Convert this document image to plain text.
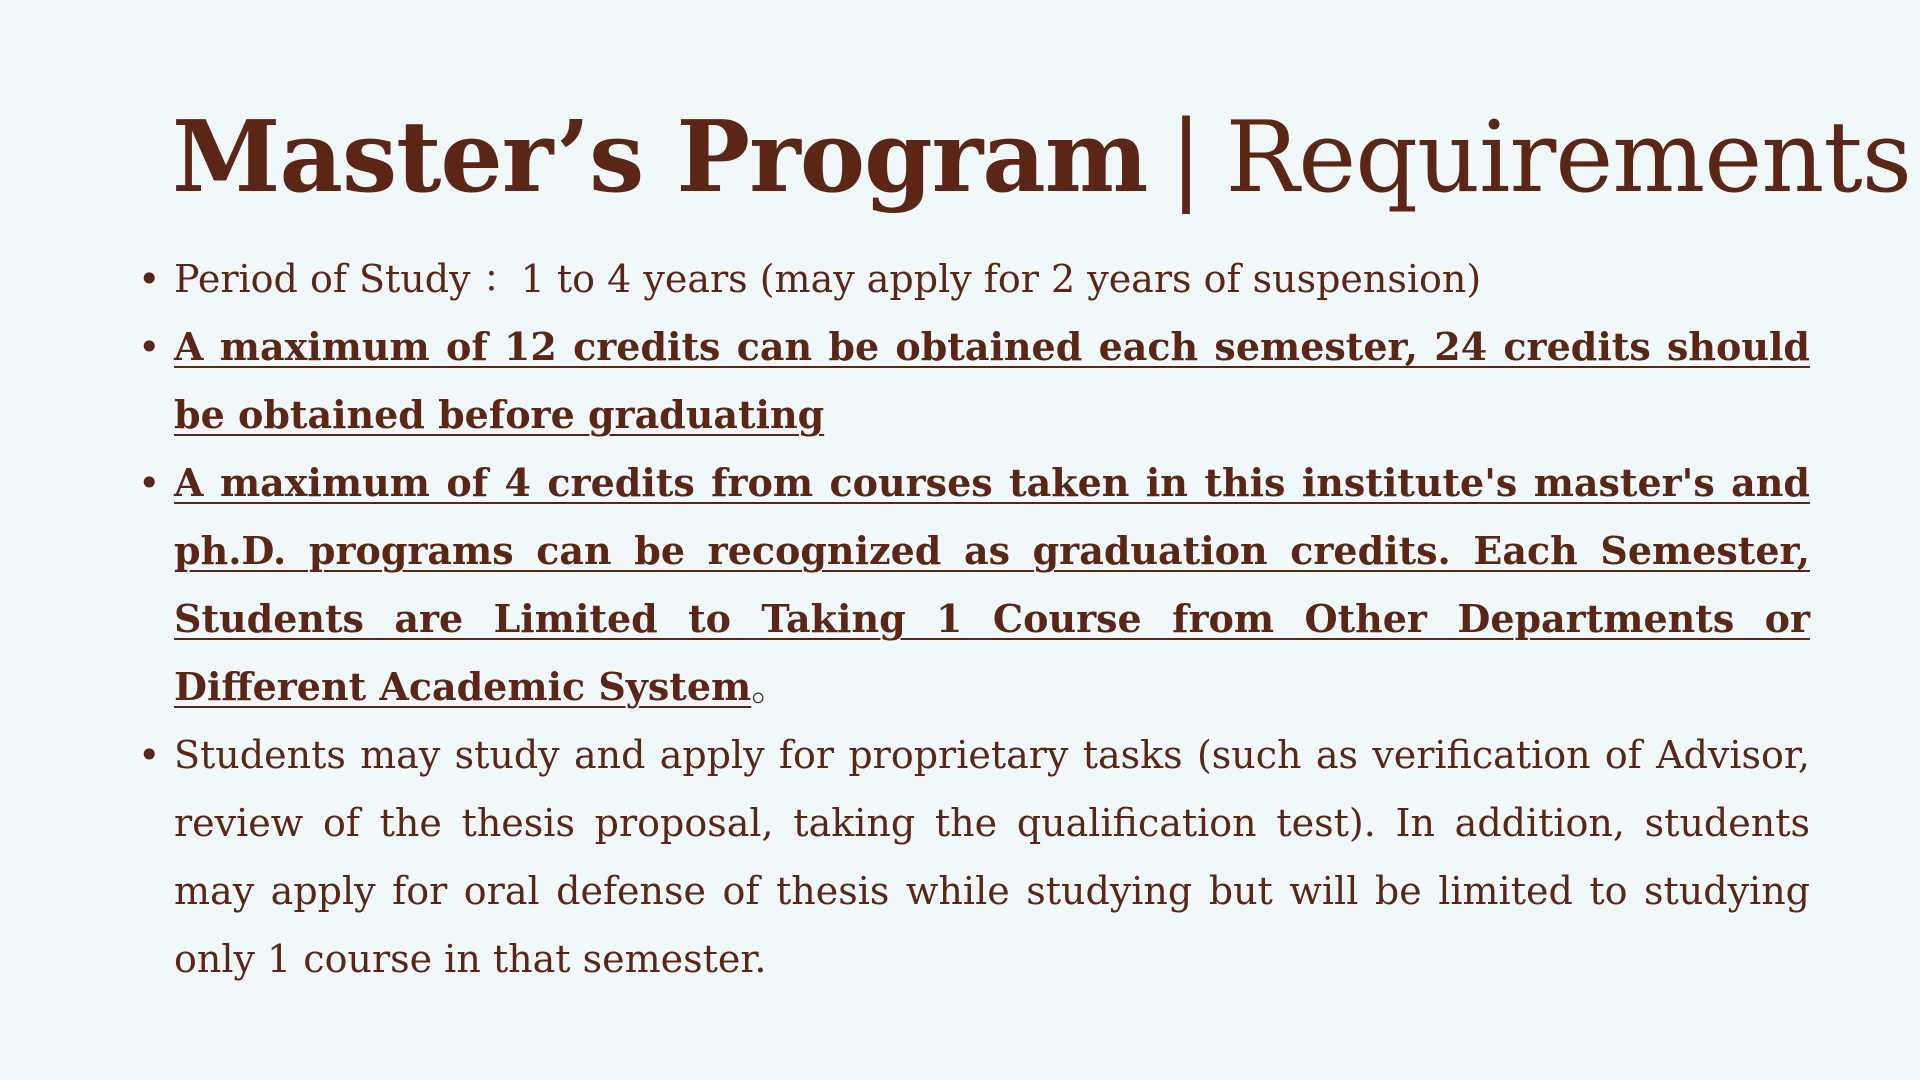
Master’s Program | Requirements
• Period of Study ：1 to 4 years (may apply for 2 years of suspension)
• A maximum of 12 credits can be obtained each semester, 24 credits should be obtained before graduating
• A maximum of 4 credits from courses taken in this institute's master's and ph.D. programs can be recognized as graduation credits. Each Semester, Students are Limited to Taking 1 Course from Other Departments or Different Academic System。
• Students may study and apply for proprietary tasks (such as verification of Advisor, review of the thesis proposal, taking the qualification test). In addition, students may apply for oral defense of thesis while studying but will be limited to studying only 1 course in that semester.
